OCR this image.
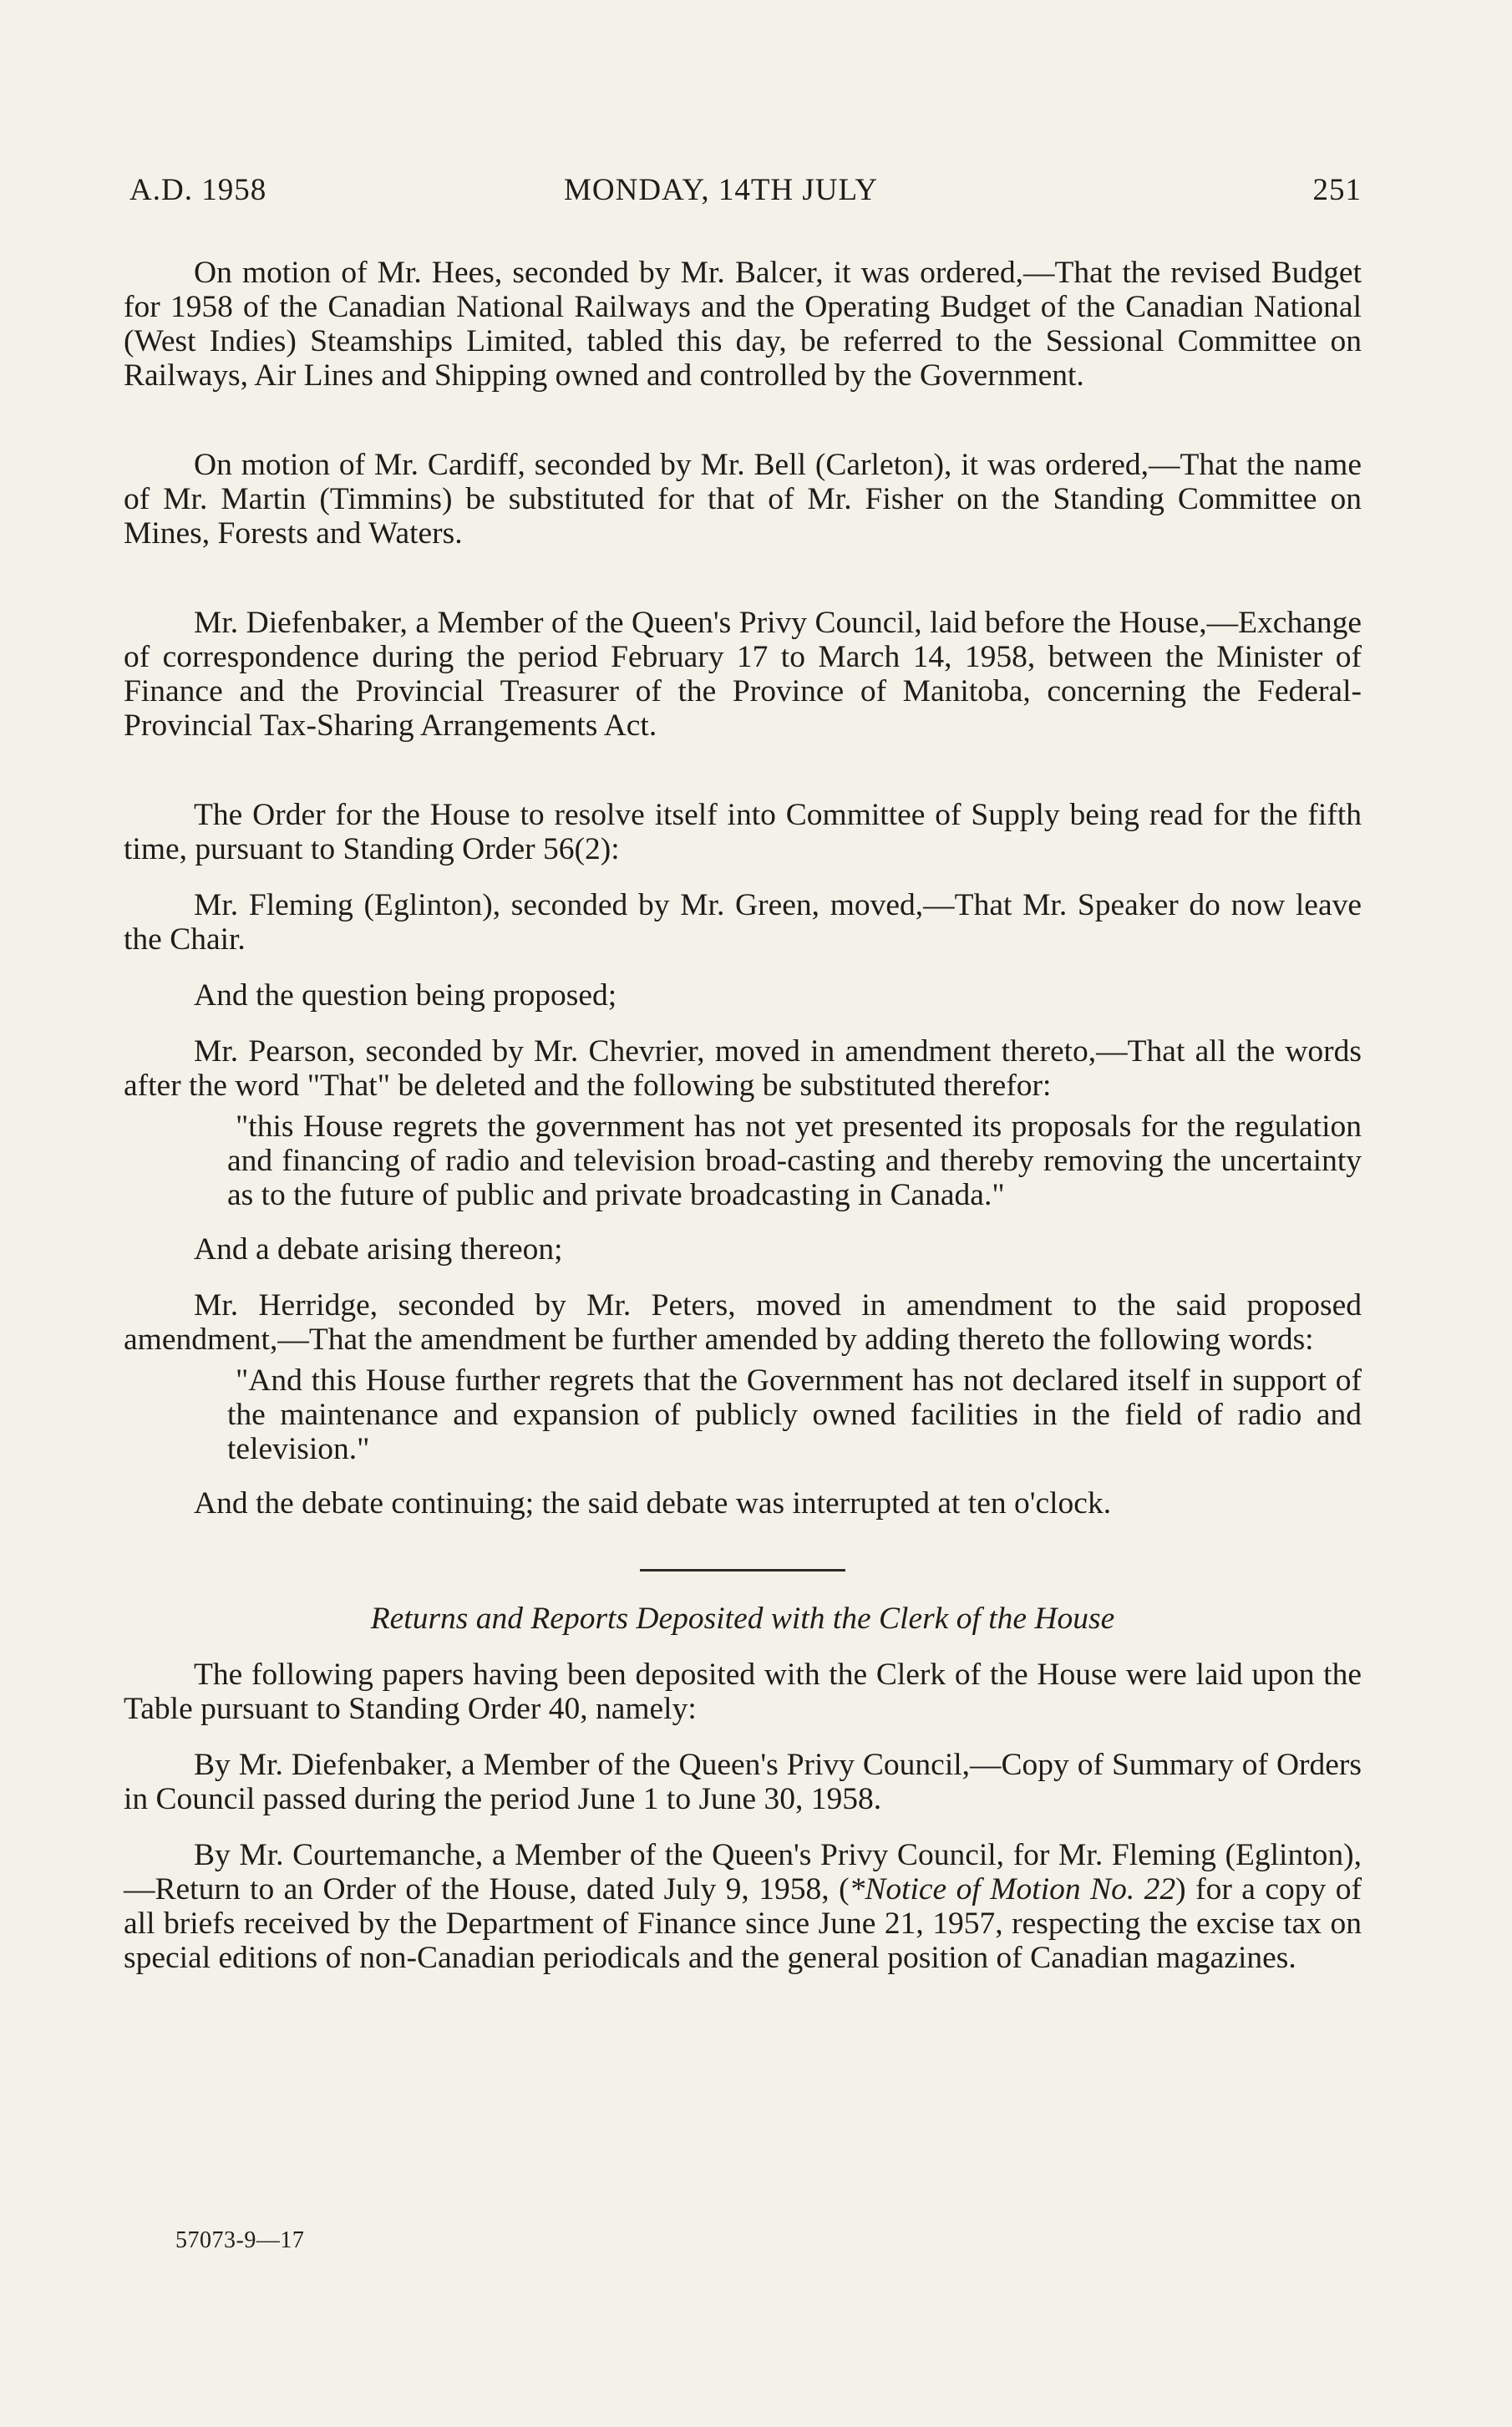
A.D. 1958	MONDAY, 14TH JULY	251

On motion of Mr. Hees, seconded by Mr. Balcer, it was ordered,—That the revised Budget for 1958 of the Canadian National Railways and the Operating Budget of the Canadian National (West Indies) Steamships Limited, tabled this day, be referred to the Sessional Committee on Railways, Air Lines and Shipping owned and controlled by the Government.

On motion of Mr. Cardiff, seconded by Mr. Bell (Carleton), it was ordered,—That the name of Mr. Martin (Timmins) be substituted for that of Mr. Fisher on the Standing Committee on Mines, Forests and Waters.

Mr. Diefenbaker, a Member of the Queen's Privy Council, laid before the House,—Exchange of correspondence during the period February 17 to March 14, 1958, between the Minister of Finance and the Provincial Treasurer of the Province of Manitoba, concerning the Federal-Provincial Tax-Sharing Arrangements Act.

The Order for the House to resolve itself into Committee of Supply being read for the fifth time, pursuant to Standing Order 56(2):

Mr. Fleming (Eglinton), seconded by Mr. Green, moved,—That Mr. Speaker do now leave the Chair.

And the question being proposed;

Mr. Pearson, seconded by Mr. Chevrier, moved in amendment thereto,—That all the words after the word "That" be deleted and the following be substituted therefor:

"this House regrets the government has not yet presented its proposals for the regulation and financing of radio and television broad-casting and thereby removing the uncertainty as to the future of public and private broadcasting in Canada."

And a debate arising thereon;

Mr. Herridge, seconded by Mr. Peters, moved in amendment to the said proposed amendment,—That the amendment be further amended by adding thereto the following words:

"And this House further regrets that the Government has not declared itself in support of the maintenance and expansion of publicly owned facilities in the field of radio and television."

And the debate continuing; the said debate was interrupted at ten o'clock.

Returns and Reports Deposited with the Clerk of the House

The following papers having been deposited with the Clerk of the House were laid upon the Table pursuant to Standing Order 40, namely:

By Mr. Diefenbaker, a Member of the Queen's Privy Council,—Copy of Summary of Orders in Council passed during the period June 1 to June 30, 1958.

By Mr. Courtemanche, a Member of the Queen's Privy Council, for Mr. Fleming (Eglinton),—Return to an Order of the House, dated July 9, 1958, (*Notice of Motion No. 22) for a copy of all briefs received by the Department of Finance since June 21, 1957, respecting the excise tax on special editions of non-Canadian periodicals and the general position of Canadian magazines.

57073-9—17
